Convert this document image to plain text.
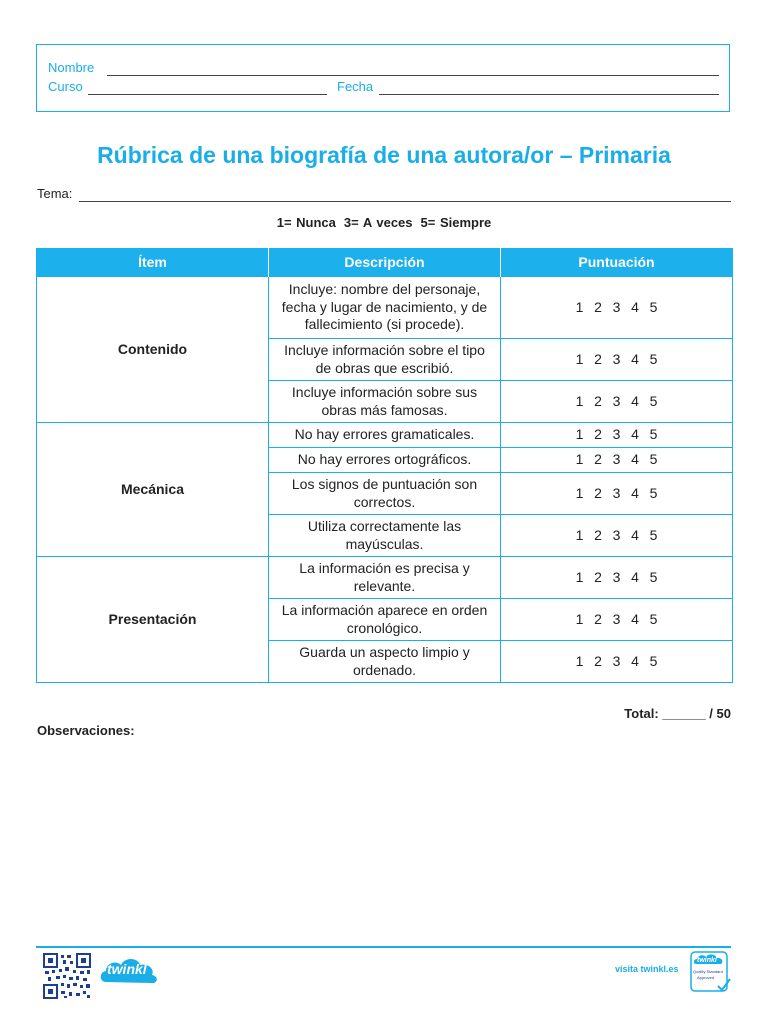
Nombre
Curso	Fecha
Rúbrica de una biografía de una autora/or – Primaria
Tema:
1= Nunca 3= A veces 5= Siempre
Ítem	Descripción	Puntuación
Contenido	Incluye: nombre del personaje, fecha y lugar de nacimiento, y de fallecimiento (si procede).	1 2 3 4 5
	Incluye información sobre el tipo de obras que escribió.	1 2 3 4 5
	Incluye información sobre sus obras más famosas.	1 2 3 4 5
Mecánica	No hay errores gramaticales.	1 2 3 4 5
	No hay errores ortográficos.	1 2 3 4 5
	Los signos de puntuación son correctos.	1 2 3 4 5
	Utiliza correctamente las mayúsculas.	1 2 3 4 5
Presentación	La información es precisa y relevante.	1 2 3 4 5
	La información aparece en orden cronológico.	1 2 3 4 5
	Guarda un aspecto limpio y ordenado.	1 2 3 4 5
Total: ______ / 50
Observaciones:
twinkl	visita twinkl.es
twinkl
Quality Standard
Approved
